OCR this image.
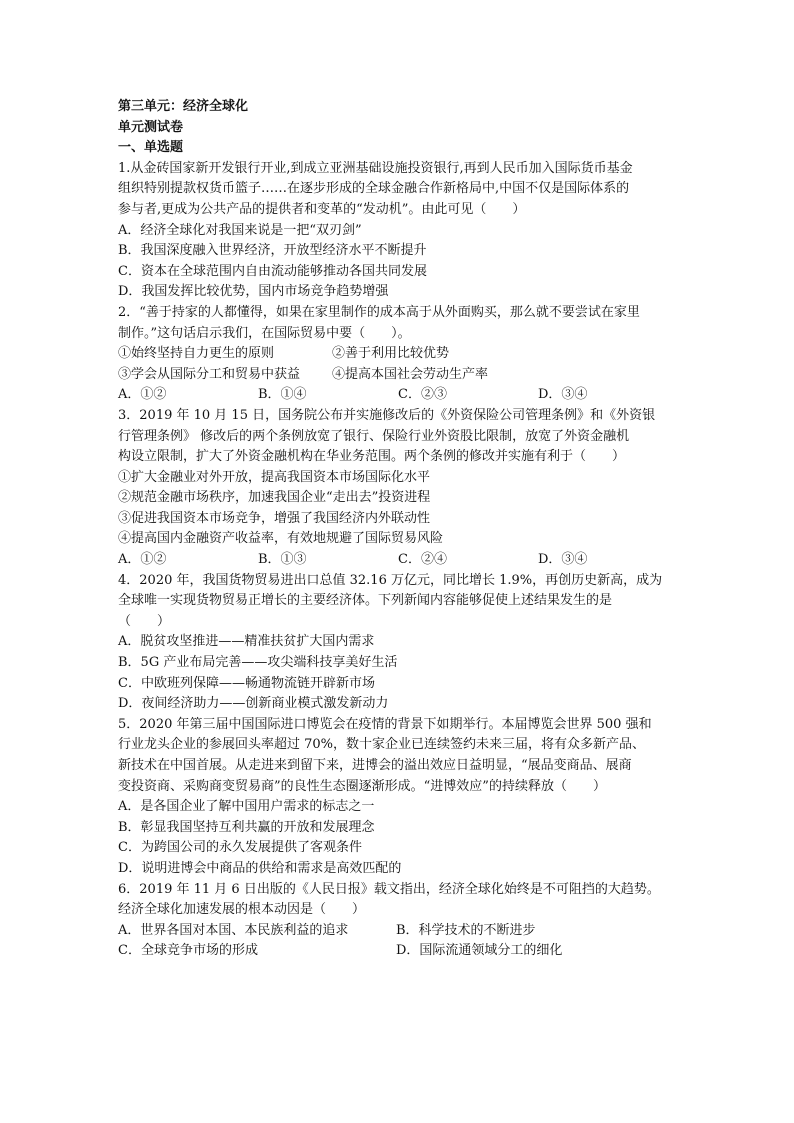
第三单元：经济全球化
单元测试卷
一、单选题
1.从金砖国家新开发银行开业,到成立亚洲基础设施投资银行,再到人民币加入国际货币基金
组织特别提款权货币篮子……在逐步形成的全球金融合作新格局中,中国不仅是国际体系的
参与者,更成为公共产品的提供者和变革的“发动机”。由此可见（　　）
A．经济全球化对我国来说是一把“双刃剑”
B．我国深度融入世界经济，开放型经济水平不断提升
C．资本在全球范围内自由流动能够推动各国共同发展
D．我国发挥比较优势，国内市场竞争趋势增强
2．“善于持家的人都懂得，如果在家里制作的成本高于从外面购买，那么就不要尝试在家里
制作。”这句话启示我们，在国际贸易中要（　　）。
①始终坚持自力更生的原则	②善于利用比较优势
③学会从国际分工和贸易中获益	④提高本国社会劳动生产率
A．①②	B．①④	C．②③	D．③④
3．2019 年 10 月 15 日，国务院公布并实施修改后的《外资保险公司管理条例》和《外资银
行管理条例》 修改后的两个条例放宽了银行、保险行业外资股比限制，放宽了外资金融机
构设立限制，扩大了外资金融机构在华业务范围。两个条例的修改并实施有利于（　　）
①扩大金融业对外开放，提高我国资本市场国际化水平
②规范金融市场秩序，加速我国企业“走出去”投资进程
③促进我国资本市场竞争，增强了我国经济内外联动性
④提高国内金融资产收益率，有效地规避了国际贸易风险
A．①②	B．①③	C．②④	D．③④
4．2020 年，我国货物贸易进出口总值 32.16 万亿元，同比增长 1.9%，再创历史新高，成为
全球唯一实现货物贸易正增长的主要经济体。下列新闻内容能够促使上述结果发生的是
（　　）
A．脱贫攻坚推进——精准扶贫扩大国内需求
B．5G 产业布局完善——攻尖端科技享美好生活
C．中欧班列保障——畅通物流链开辟新市场
D．夜间经济助力——创新商业模式激发新动力
5．2020 年第三届中国国际进口博览会在疫情的背景下如期举行。本届博览会世界 500 强和
行业龙头企业的参展回头率超过 70%，数十家企业已连续签约未来三届，将有众多新产品、
新技术在中国首展。从走进来到留下来，进博会的溢出效应日益明显，“展品变商品、展商
变投资商、采购商变贸易商”的良性生态圈逐渐形成。“进博效应”的持续释放（　　）
A．是各国企业了解中国用户需求的标志之一
B．彰显我国坚持互利共赢的开放和发展理念
C．为跨国公司的永久发展提供了客观条件
D．说明进博会中商品的供给和需求是高效匹配的
6．2019 年 11 月 6 日出版的《人民日报》载文指出，经济全球化始终是不可阻挡的大趋势。
经济全球化加速发展的根本动因是（　　）
A．世界各国对本国、本民族利益的追求	B．科学技术的不断进步
C．全球竞争市场的形成	D．国际流通领域分工的细化
